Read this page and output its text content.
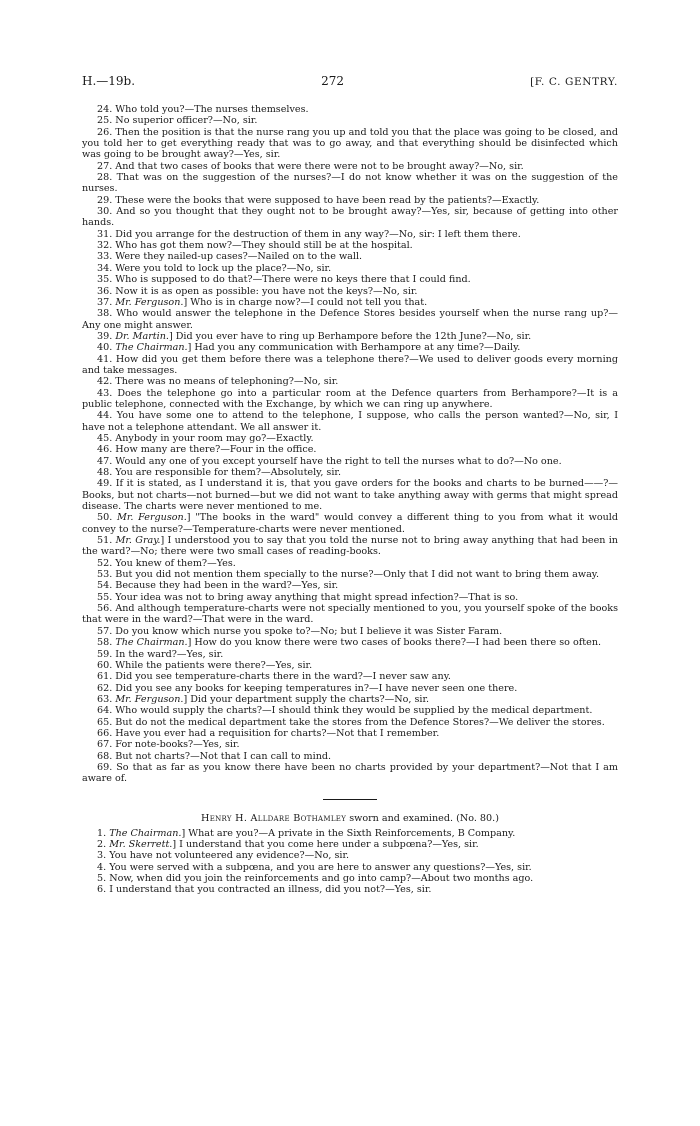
H.—19b.	272	[F. C. GENTRY.

24. Who told you?—The nurses themselves.

25. No superior officer?—No, sir.

26. Then the position is that the nurse rang you up and told you that the place was going to be closed, and you told her to get everything ready that was to go away, and that everything should be disinfected which was going to be brought away?—Yes, sir.

27. And that two cases of books that were there were not to be brought away?—No, sir.

28. That was on the suggestion of the nurses?—I do not know whether it was on the suggestion of the nurses.

29. These were the books that were supposed to have been read by the patients?—Exactly.

30. And so you thought that they ought not to be brought away?—Yes, sir, because of getting into other hands.

31. Did you arrange for the destruction of them in any way?—No, sir: I left them there.

32. Who has got them now?—They should still be at the hospital.

33. Were they nailed-up cases?—Nailed on to the wall.

34. Were you told to lock up the place?—No, sir.

35. Who is supposed to do that?—There were no keys there that I could find.

36. Now it is as open as possible: you have not the keys?—No, sir.

37. Mr. Ferguson.] Who is in charge now?—I could not tell you that.

38. Who would answer the telephone in the Defence Stores besides yourself when the nurse rang up?—Any one might answer.

39. Dr. Martin.] Did you ever have to ring up Berhampore before the 12th June?—No, sir.

40. The Chairman.] Had you any communication with Berhampore at any time?—Daily.

41. How did you get them before there was a telephone there?—We used to deliver goods every morning and take messages.

42. There was no means of telephoning?—No, sir.

43. Does the telephone go into a particular room at the Defence quarters from Berhampore?—It is a public telephone, connected with the Exchange, by which we can ring up anywhere.

44. You have some one to attend to the telephone, I suppose, who calls the person wanted?—No, sir, I have not a telephone attendant. We all answer it.

45. Anybody in your room may go?—Exactly.

46. How many are there?—Four in the office.

47. Would any one of you except yourself have the right to tell the nurses what to do?—No one.

48. You are responsible for them?—Absolutely, sir.

49. If it is stated, as I understand it is, that you gave orders for the books and charts to be burned——?—Books, but not charts—not burned—but we did not want to take anything away with germs that might spread disease. The charts were never mentioned to me.

50. Mr. Ferguson.] "The books in the ward" would convey a different thing to you from what it would convey to the nurse?—Temperature-charts were never mentioned.

51. Mr. Gray.] I understood you to say that you told the nurse not to bring away anything that had been in the ward?—No; there were two small cases of reading-books.

52. You knew of them?—Yes.

53. But you did not mention them specially to the nurse?—Only that I did not want to bring them away.

54. Because they had been in the ward?—Yes, sir.

55. Your idea was not to bring away anything that might spread infection?—That is so.

56. And although temperature-charts were not specially mentioned to you, you yourself spoke of the books that were in the ward?—That were in the ward.

57. Do you know which nurse you spoke to?—No; but I believe it was Sister Faram.

58. The Chairman.] How do you know there were two cases of books there?—I had been there so often.

59. In the ward?—Yes, sir.

60. While the patients were there?—Yes, sir.

61. Did you see temperature-charts there in the ward?—I never saw any.

62. Did you see any books for keeping temperatures in?—I have never seen one there.

63. Mr. Ferguson.] Did your department supply the charts?—No, sir.

64. Who would supply the charts?—I should think they would be supplied by the medical department.

65. But do not the medical department take the stores from the Defence Stores?—We deliver the stores.

66. Have you ever had a requisition for charts?—Not that I remember.

67. For note-books?—Yes, sir.

68. But not charts?—Not that I can call to mind.

69. So that as far as you know there have been no charts provided by your department?—Not that I am aware of.

Henry H. Alldare Bothamley sworn and examined. (No. 80.)

1. The Chairman.] What are you?—A private in the Sixth Reinforcements, B Company.

2. Mr. Skerrett.] I understand that you come here under a subpœna?—Yes, sir.

3. You have not volunteered any evidence?—No, sir.

4. You were served with a subpœna, and you are here to answer any questions?—Yes, sir.

5. Now, when did you join the reinforcements and go into camp?—About two months ago.

6. I understand that you contracted an illness, did you not?—Yes, sir.
